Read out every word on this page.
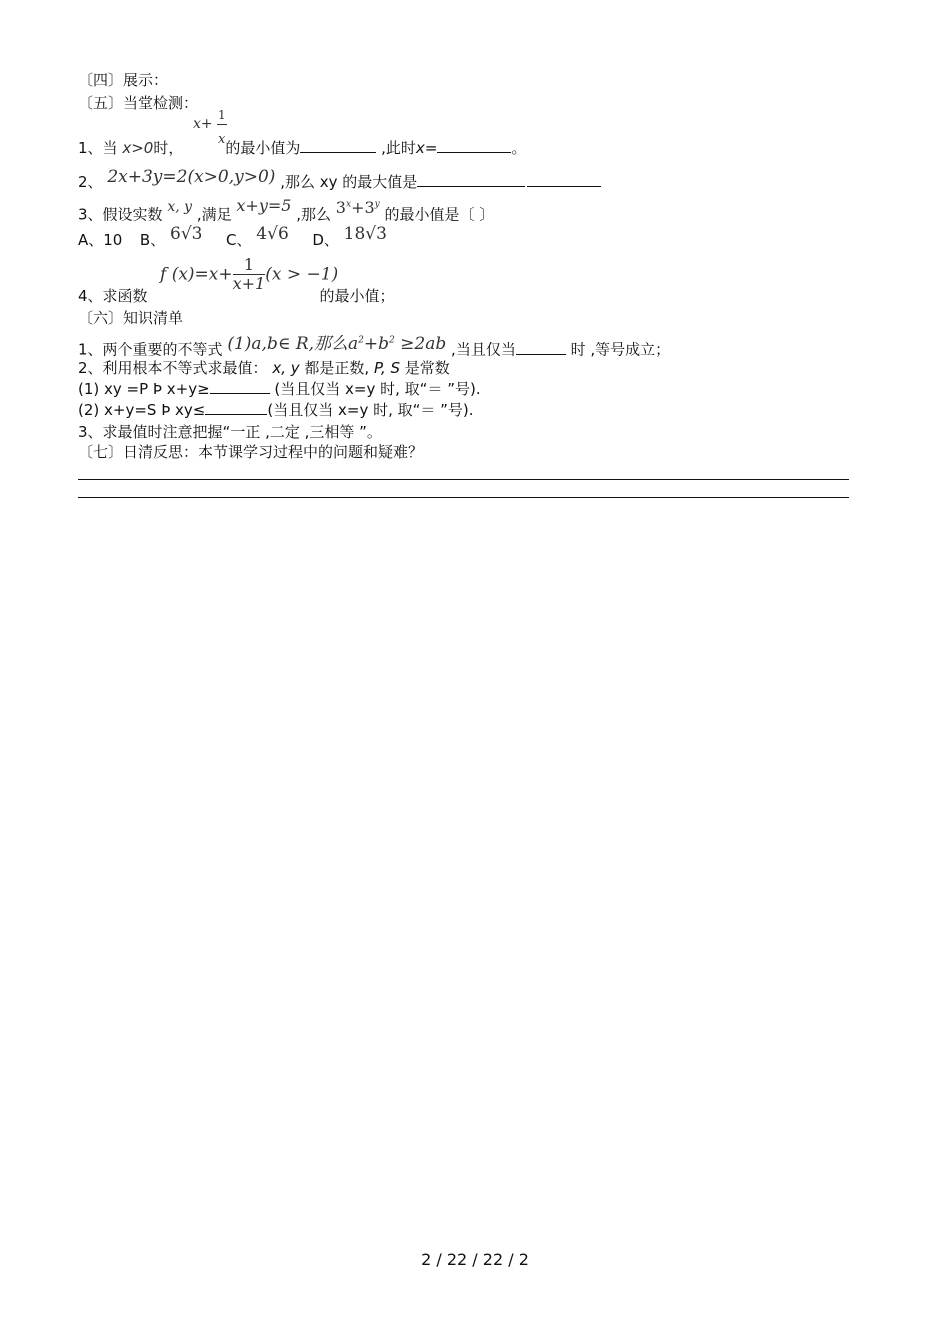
〔四〕展示：
〔五〕当堂检测：
x+
1
x
1、当 x>0时，	的最小值为	,此时x=	。
2、 2x+3y=2(x>0,y>0) ,那么 xy 的最大值是
3、假设实数 x, y ,满足 x+y=5 ,那么 $3^x+3^y$ 的最小值是〔 〕
A、10 B、 6√3 C、 4√6 D、 18√3
f $(x)=x+ \frac{1}{x+1} (x > -1)$
4、求函数	的最小值；
〔六〕知识清单
1、两个重要的不等式 (1)a,b∈ R,那么$a^2+b^2 \ge 2ab$ ,当且仅当	时 ,等号成立；
2、利用根本不等式求最值： x, y 都是正数, P, S 是常数
(1) xy =P Þ x+y≥	(当且仅当 x=y 时, 取“＝ ”号).
(2) x+y=S Þ xy≤	(当且仅当 x=y 时, 取“＝ ”号).
3、求最值时注意把握“一正 ,二定 ,三相等 ”。
〔七〕日清反思：本节课学习过程中的问题和疑难？
2 / 22 / 22 / 2
